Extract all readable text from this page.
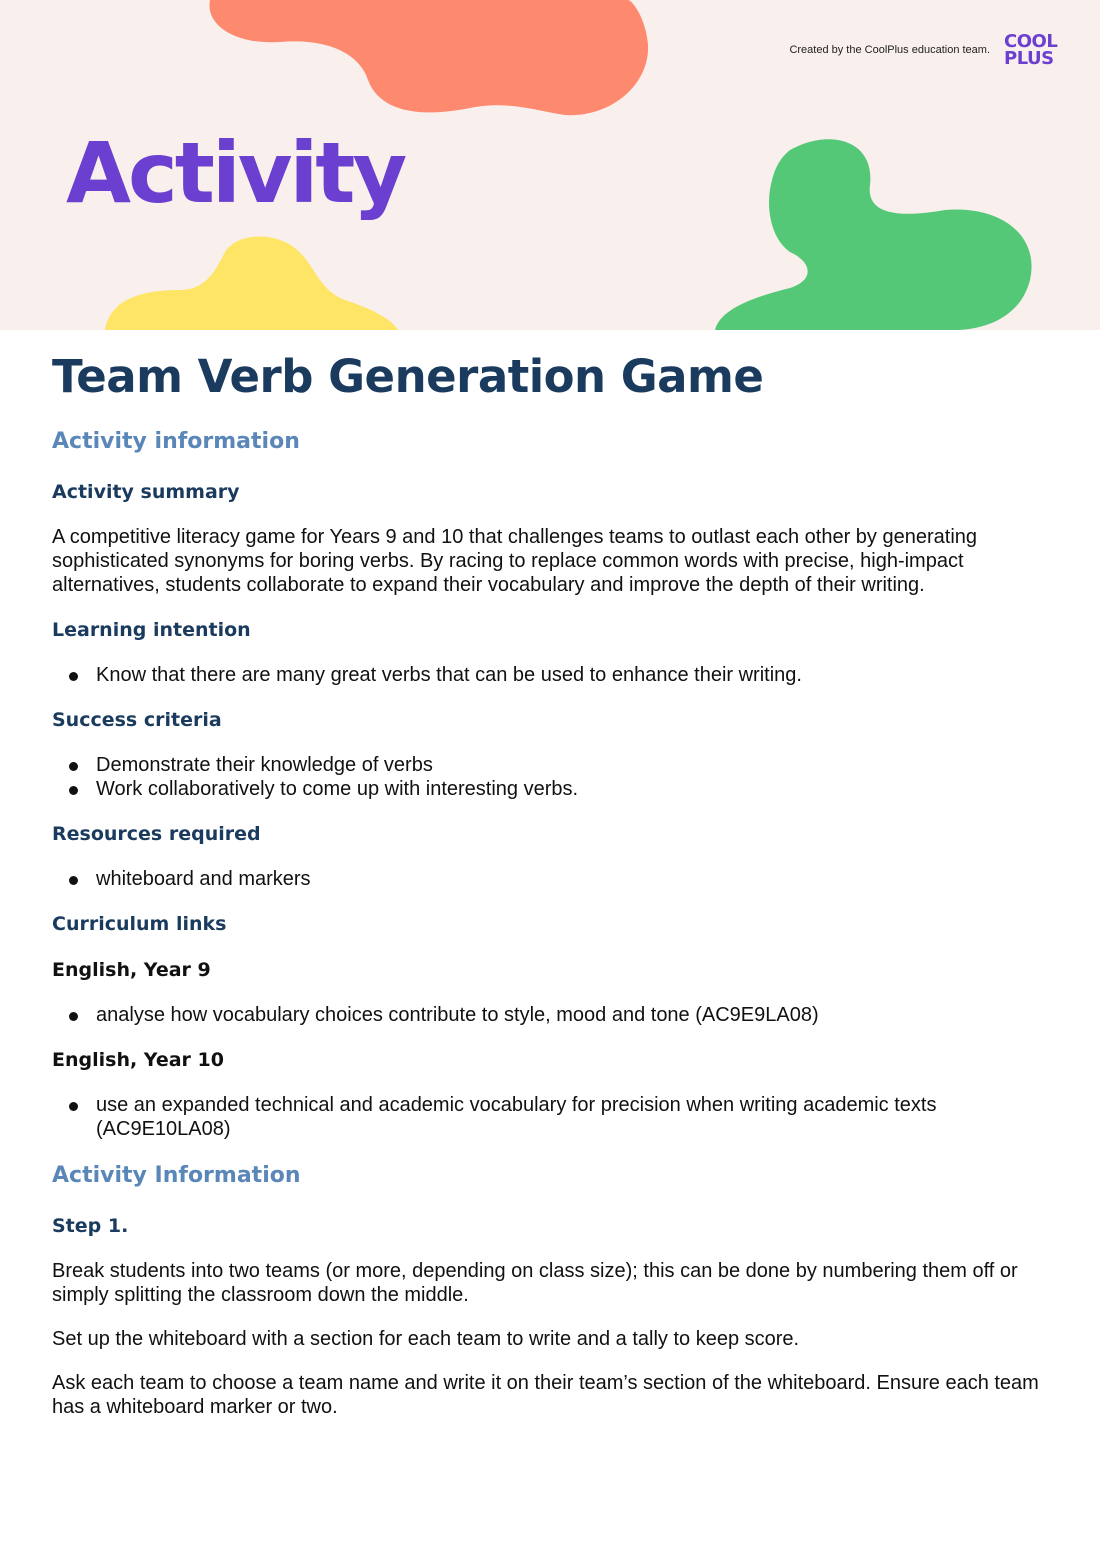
Created by the CoolPlus education team. COOL
PLUS
Activity
Team Verb Generation Game
Activity information
Activity summary

A competitive literacy game for Years 9 and 10 that challenges teams to outlast each other by generating sophisticated synonyms for boring verbs. By racing to replace common words with precise, high-impact alternatives, students collaborate to expand their vocabulary and improve the depth of their writing.

Learning intention
Know that there are many great verbs that can be used to enhance their writing.
Success criteria
Demonstrate their knowledge of verbs
Work collaboratively to come up with interesting verbs.
Resources required
whiteboard and markers
Curriculum links
English, Year 9
analyse how vocabulary choices contribute to style, mood and tone (AC9E9LA08)
English, Year 10
use an expanded technical and academic vocabulary for precision when writing academic texts (AC9E10LA08)
Activity Information
Step 1.

Break students into two teams (or more, depending on class size); this can be done by numbering them off or simply splitting the classroom down the middle.

Set up the whiteboard with a section for each team to write and a tally to keep score.

Ask each team to choose a team name and write it on their team’s section of the whiteboard. Ensure each team has a whiteboard marker or two.
